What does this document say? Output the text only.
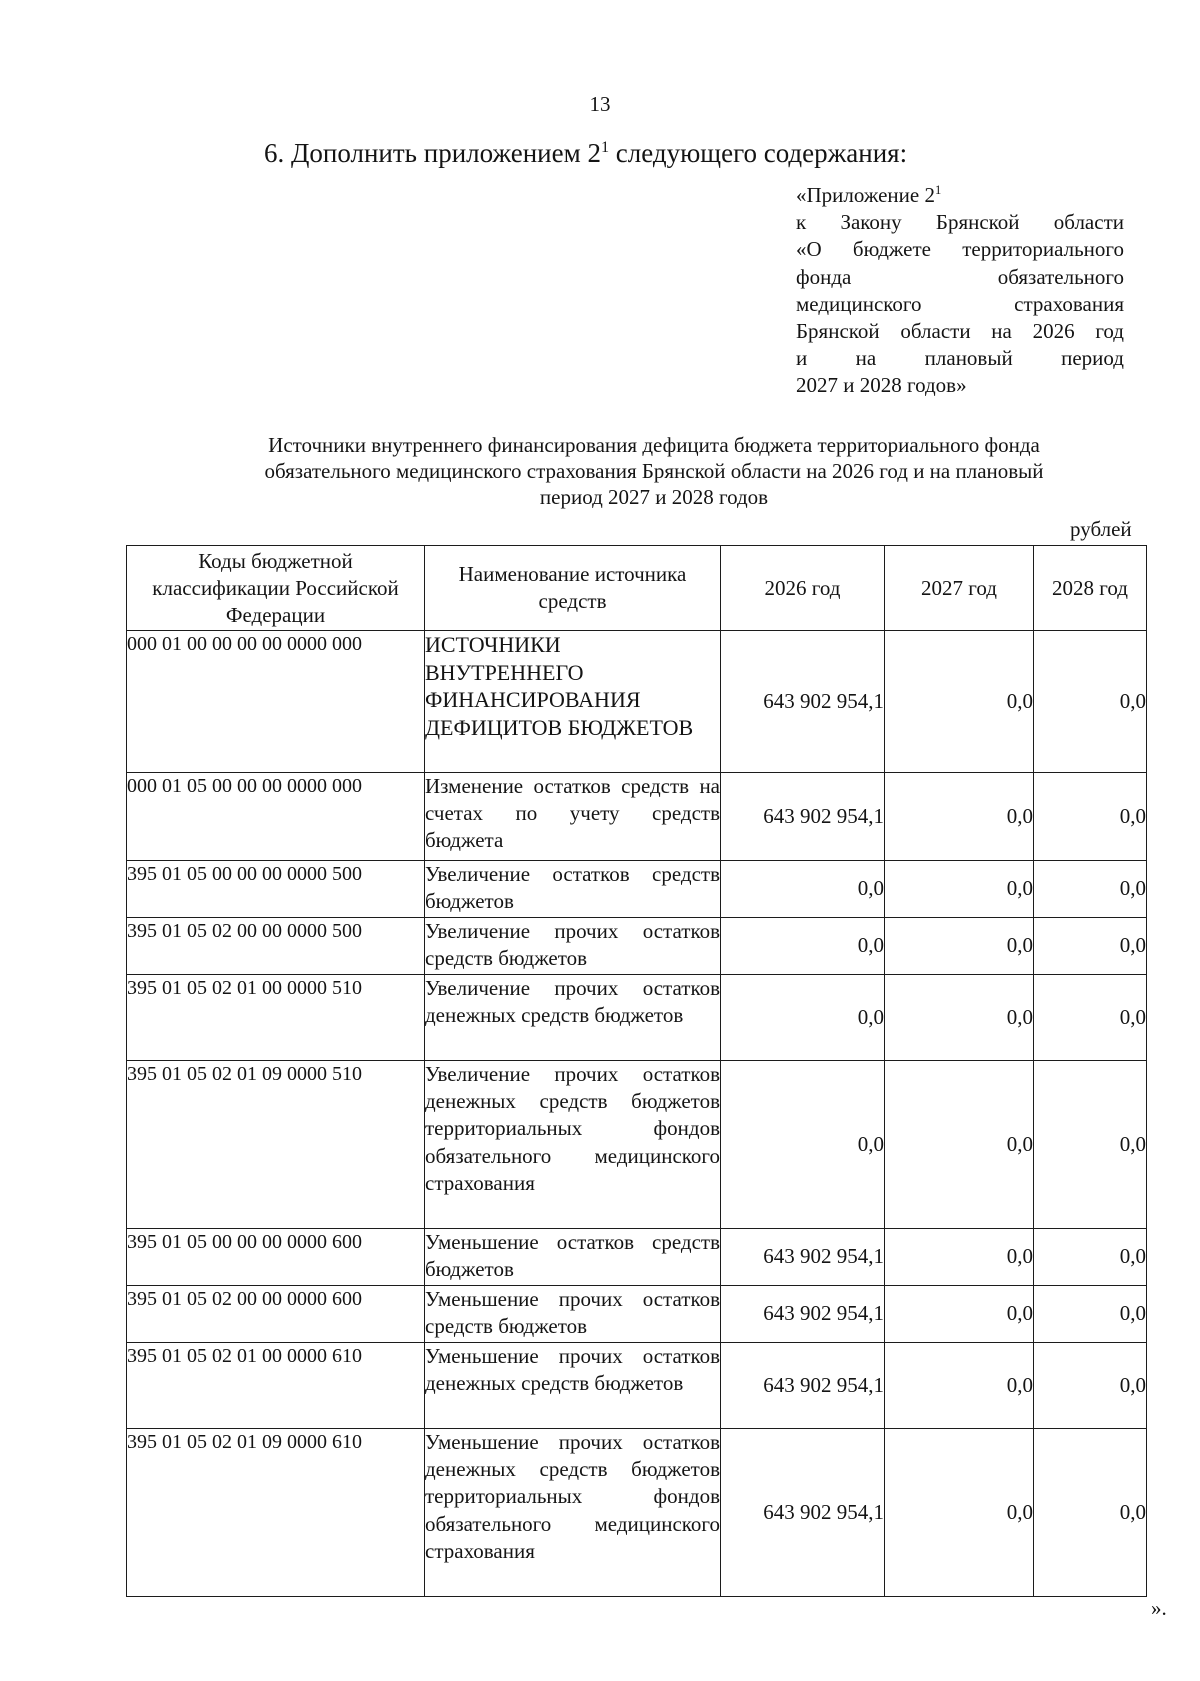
13
6. Дополнить приложением $2^1$ следующего содержания:
«Приложение $2^1$
к Закону Брянской области
«О бюджете территориального
фонда обязательного
медицинского страхования
Брянской области на 2026 год
и на плановый период
2027 и 2028 годов»
Источники внутреннего финансирования дефицита бюджета территориального фонда
обязательного медицинского страхования Брянской области на 2026 год и на плановый
период 2027 и 2028 годов
рублей
Коды бюджетной классификации Российской Федерации	Наименование источника средств	2026 год	2027 год	2028 год
000 01 00 00 00 00 0000 000	ИСТОЧНИКИ ВНУТРЕННЕГО ФИНАНСИРОВАНИЯ ДЕФИЦИТОВ БЮДЖЕТОВ	643 902 954,1	0,0	0,0
000 01 05 00 00 00 0000 000	Изменение остатков средств на счетах по учету средств бюджета	643 902 954,1	0,0	0,0
395 01 05 00 00 00 0000 500	Увеличение остатков средств бюджетов	0,0	0,0	0,0
395 01 05 02 00 00 0000 500	Увеличение прочих остатков средств бюджетов	0,0	0,0	0,0
395 01 05 02 01 00 0000 510	Увеличение прочих остатков денежных средств бюджетов	0,0	0,0	0,0
395 01 05 02 01 09 0000 510	Увеличение прочих остатков денежных средств бюджетов территориальных фондов обязательного медицинского страхования	0,0	0,0	0,0
395 01 05 00 00 00 0000 600	Уменьшение остатков средств бюджетов	643 902 954,1	0,0	0,0
395 01 05 02 00 00 0000 600	Уменьшение прочих остатков средств бюджетов	643 902 954,1	0,0	0,0
395 01 05 02 01 00 0000 610	Уменьшение прочих остатков денежных средств бюджетов	643 902 954,1	0,0	0,0
395 01 05 02 01 09 0000 610	Уменьшение прочих остатков денежных средств бюджетов территориальных фондов обязательного медицинского страхования	643 902 954,1	0,0	0,0
».
